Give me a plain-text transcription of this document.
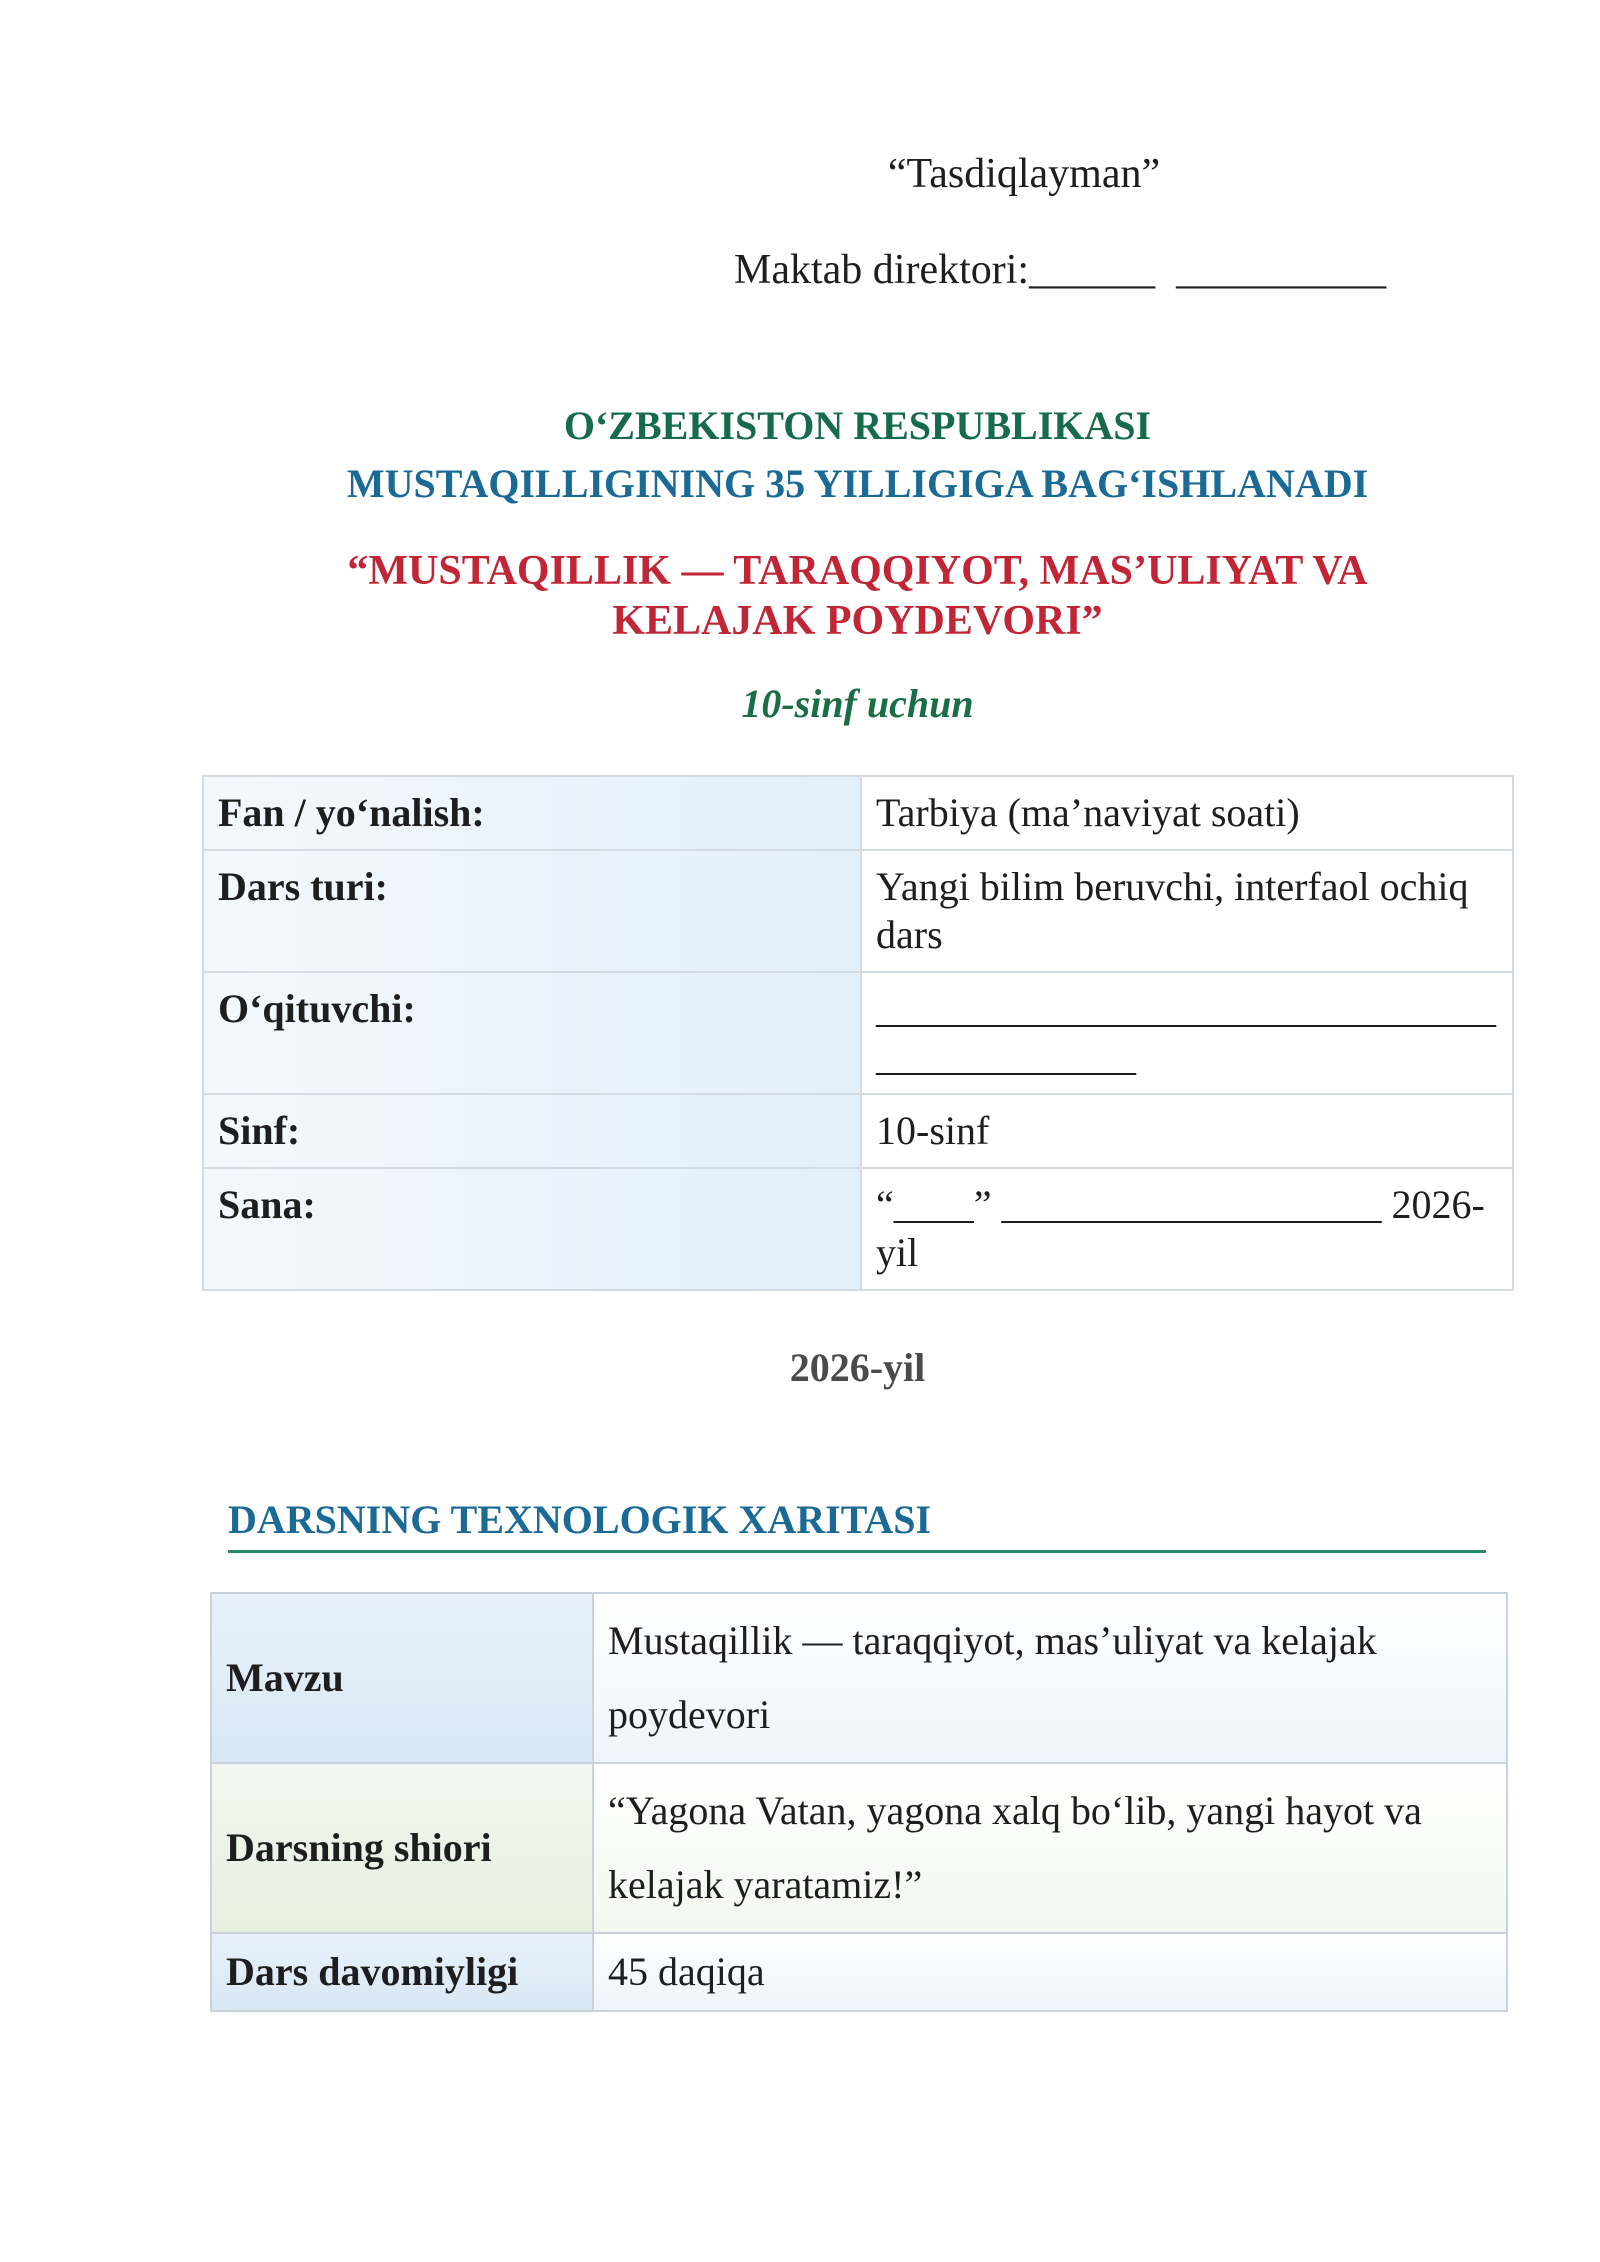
“Tasdiqlayman”
Maktab direktori:______ __________
O‘ZBEKISTON RESPUBLIKASI
MUSTAQILLIGINING 35 YILLIGIGA BAG‘ISHLANADI
“MUSTAQILLIK — TARAQQIYOT, MAS’ULIYAT VA
KELAJAK POYDEVORI”
10-sinf uchun
Fan / yo‘nalish:	Tarbiya (ma’naviyat soati)
Dars turi:	Yangi bilim beruvchi, interfaol ochiq dars
O‘qituvchi:	____________________________________________
Sinf:	10-sinf
Sana:	“____” ___________________ 2026-yil
2026-yil
DARSNING TEXNOLOGIK XARITASI
Mavzu	Mustaqillik — taraqqiyot, mas’uliyat va kelajak poydevori
Darsning shiori	“Yagona Vatan, yagona xalq bo‘lib, yangi hayot va kelajak yaratamiz!”
Dars davomiyligi	45 daqiqa
